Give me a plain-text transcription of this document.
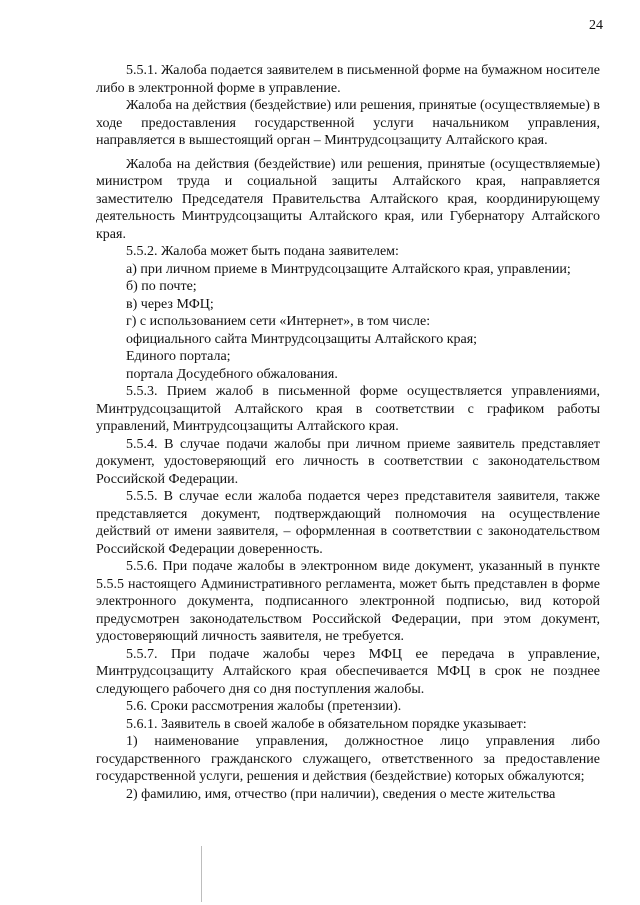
24

5.5.1. Жалоба подается заявителем в письменной форме на бумажном носителе либо в электронной форме в управление.

Жалоба на действия (бездействие) или решения, принятые (осуществляемые) в ходе предоставления государственной услуги начальником управления, направляется в вышестоящий орган – Минтрудсоцзащиту Алтайского края.

Жалоба на действия (бездействие) или решения, принятые (осуществляемые) министром труда и социальной защиты Алтайского края, направляется заместителю Председателя Правительства Алтайского края, координирующему деятельность Минтрудсоцзащиты Алтайского края, или Губернатору Алтайского края.

5.5.2. Жалоба может быть подана заявителем:

а) при личном приеме в Минтрудсоцзащите Алтайского края, управлении;

б) по почте;

в) через МФЦ;

г) с использованием сети «Интернет», в том числе:

официального сайта Минтрудсоцзащиты Алтайского края;

Единого портала;

портала Досудебного обжалования.

5.5.3. Прием жалоб в письменной форме осуществляется управлениями, Минтрудсоцзащитой Алтайского края в соответствии с графиком работы управлений, Минтрудсоцзащиты Алтайского края.

5.5.4. В случае подачи жалобы при личном приеме заявитель представляет документ, удостоверяющий его личность в соответствии с законодательством Российской Федерации.

5.5.5. В случае если жалоба подается через представителя заявителя, также представляется документ, подтверждающий полномочия на осуществление действий от имени заявителя, – оформленная в соответствии с законодательством Российской Федерации доверенность.

5.5.6. При подаче жалобы в электронном виде документ, указанный в пункте 5.5.5 настоящего Административного регламента, может быть представлен в форме электронного документа, подписанного электронной подписью, вид которой предусмотрен законодательством Российской Федерации, при этом документ, удостоверяющий личность заявителя, не требуется.

5.5.7. При подаче жалобы через МФЦ ее передача в управление, Минтрудсоцзащиту Алтайского края обеспечивается МФЦ в срок не позднее следующего рабочего дня со дня поступления жалобы.

5.6. Сроки рассмотрения жалобы (претензии).

5.6.1. Заявитель в своей жалобе в обязательном порядке указывает:

1) наименование управления, должностное лицо управления либо государственного гражданского служащего, ответственного за предоставление государственной услуги, решения и действия (бездействие) которых обжалуются;

2) фамилию, имя, отчество (при наличии), сведения о месте жительства
